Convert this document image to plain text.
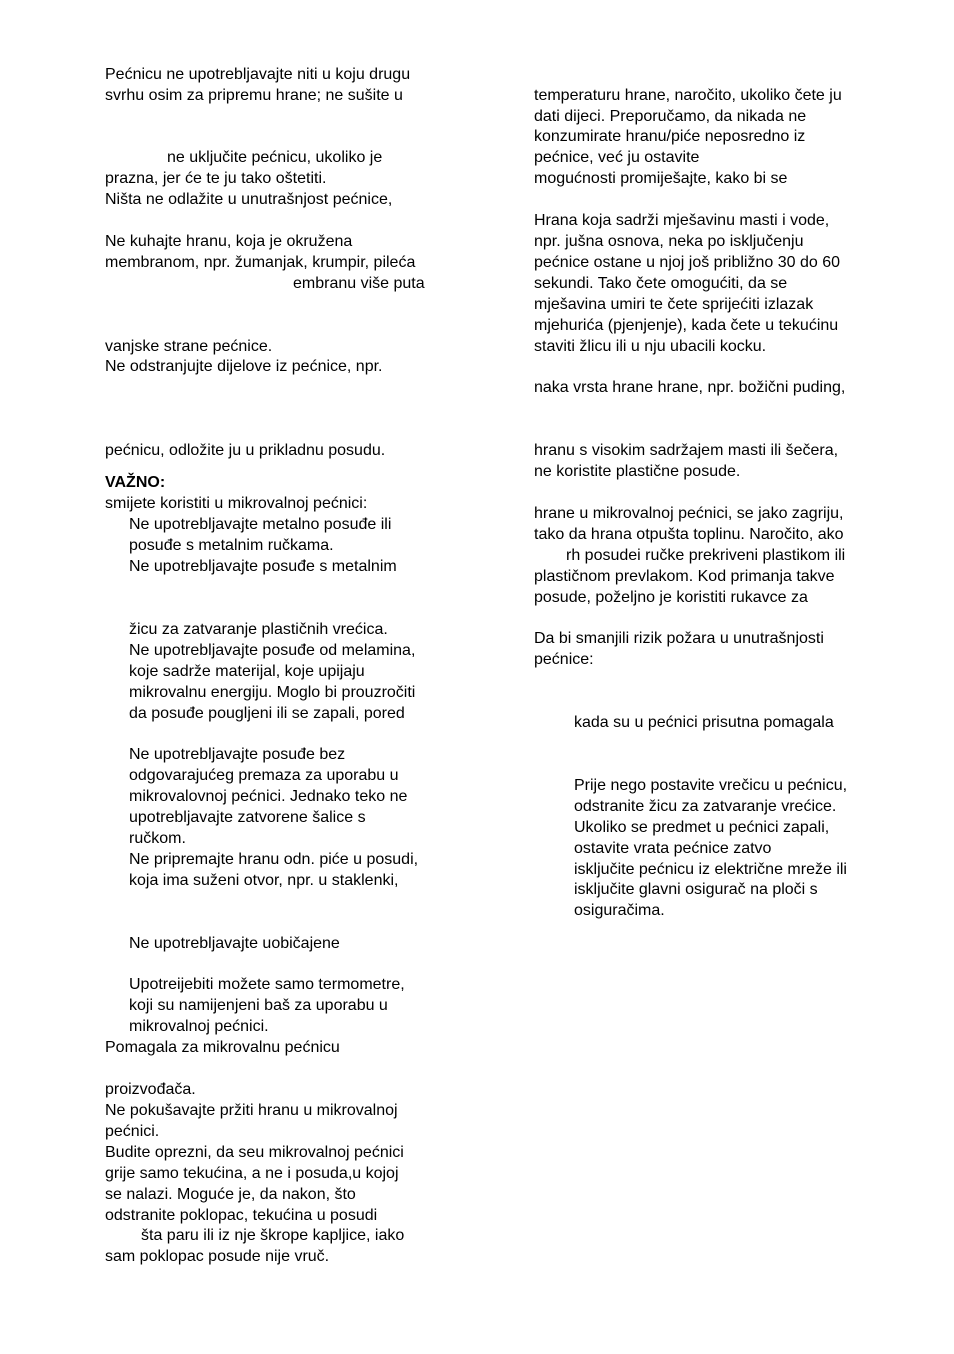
Pećnicu ne upotrebljavajte niti u koju drugu
svrhu osim za pripremu hrane; ne sušite u
ne uključite pećnicu, ukoliko je
prazna, jer će te ju tako oštetiti.
Ništa ne odlažite u unutrašnjost pećnice,
Ne kuhajte hranu, koja je okružena
membranom, npr. žumanjak, krumpir, pileća
embranu više puta
vanjske strane pećnice.
Ne odstranjujte dijelove iz pećnice, npr.
pećnicu, odložite ju u prikladnu posudu.
VAŽNO:
smijete koristiti u mikrovalnoj pećnici:
Ne upotrebljavajte metalno posuđe ili
posuđe s metalnim ručkama.
Ne upotrebljavajte posuđe s metalnim
žicu za zatvaranje plastičnih vrećica.
Ne upotrebljavajte posuđe od melamina,
koje sadrže materijal, koje upijaju
mikrovalnu energiju. Moglo bi prouzročiti
da posuđe pougljeni ili se zapali, pored
Ne upotrebljavajte posuđe bez
odgovarajućeg premaza za uporabu u
mikrovalovnoj pećnici. Jednako teko ne
upotrebljavajte zatvorene šalice s
ručkom.
Ne pripremajte hranu odn. piće u posudi,
koja ima suženi otvor, npr. u staklenki,
Ne upotrebljavajte uobičajene
Upotreijebiti možete samo termometre,
koji su namijenjeni baš za uporabu u
mikrovalnoj pećnici.
Pomagala za mikrovalnu pećnicu
proizvođača.
Ne pokušavajte pržiti hranu u mikrovalnoj
pećnici.
Budite oprezni, da seu mikrovalnoj pećnici
grije samo tekućina, a ne i posuda,u kojoj
se nalazi. Moguće je, da nakon, što
odstranite poklopac, tekućina u posudi
šta paru ili iz nje škrope kapljice, iako
sam poklopac posude nije vruč.
temperaturu hrane, naročito, ukoliko čete ju
dati dijeci. Preporučamo, da nikada ne
konzumirate hranu/piće neposredno iz
pećnice, već ju ostavite
mogućnosti promiješajte, kako bi se
Hrana koja sadrži mješavinu masti i vode,
npr. jušna osnova, neka po isključenju
pećnice ostane u njoj još približno 30 do 60
sekundi. Tako čete omogućiti, da se
mješavina umiri te čete sprijećiti izlazak
mjehurića (pjenjenje), kada čete u tekućinu
staviti žlicu ili u nju ubacili kocku.
naka vrsta hrane hrane, npr. božični puding,
hranu s visokim sadržajem masti ili šečera,
ne koristite plastične posude.
hrane u mikrovalnoj pećnici, se jako zagriju,
tako da hrana otpušta toplinu. Naročito, ako
rh posudei ručke prekriveni plastikom ili
plastičnom prevlakom. Kod primanja takve
posude, poželjno je koristiti rukavce za
Da bi smanjili rizik požara u unutrašnjosti
pećnice:
kada su u pećnici prisutna pomagala
Prije nego postavite vrečicu u pećnicu,
odstranite žicu za zatvaranje vrećice.
Ukoliko se predmet u pećnici zapali,
ostavite vrata pećnice zatvo
isključite pećnicu iz električne mreže ili
isključite glavni osigurač na ploči s
osiguračima.
